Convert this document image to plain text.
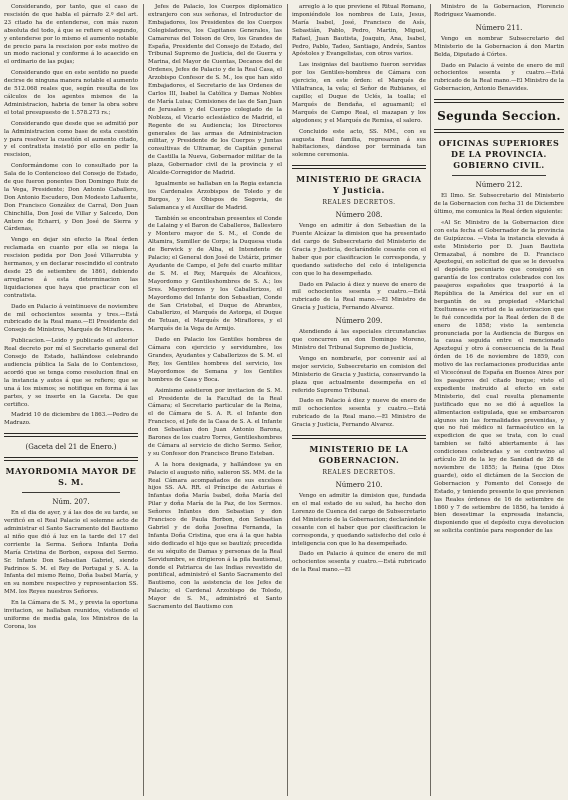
Considerando, por tanto, que el caso de rescisión de que habla el párrafo 2.º del art. 23 citado ha de entenderse, con más razon absoluta del todo, á que se refiere el segundo, y entenderse por lo mismo el aumento notable de precio para la rescision por este motivo de un modo racional y conforme á lo acaecido en el ordinario de las pujas;

Considerando que en este sentido no puede decirse de ninguna manera notable el aumento de 512.068 reales que, según resulta de los cálculos de los agentes mismos de la Administracion, habria de tener la obra sobre el total presupuesto de 1.578.273 rs.;

Considerando que desde que se admitió por la Administracion como base de esta cuestión y para resolver la cuestión el aumento citado, y el contratista insistió por ello en pedir la rescision,

Conformándome con lo consultado por la Sala de lo Contencioso del Consejo de Estado, de que fueron ponentes Don Domingo Ruiz de la Vega, Presidente; Don Antonio Caballero, Don Antonio Escudero, Don Modesto Lafuente, Don Francisco González de Carral, Don Juan Chinchilla, Don José de Villar y Salcedo, Don Antero de Echarri, y Don José de Sierra y Cárdenas,

Vengo en dejar sin efecto la Real órden reclamada en cuanto por ella se niega la rescision pedida por Don José Villarrubia y hermanos, y en declarar rescindido el contrato desde 25 de setiembre de 1861, debiendo arreglarse á esta determinacion las liquidaciones que haya que practicar con el contratista.

Dado en Palacio á veintinueve de noviembre de mil ochocientos sesenta y tres.—Está rubricado de la Real mano.—El Presidente del Consejo de Ministros, Marqués de Miraflores.

Publicacion.—Leido y publicado el anterior Real decreto por mí el Secretario general del Consejo de Estado, hallándose celebrando audiencia pública la Sala de lo Contencioso, acordó que se tenga como resolucion final en la instancia y autos á que se refiere; que se una á los mismos; se notifique en forma á las partes, y se inserte en la Gaceta. De que certifico.

Madrid 10 de diciembre de 1863.—Pedro de Madrazo.

(Gaceta del 21 de Enero.)
MAYORDOMIA MAYOR DE S. M.
Núm. 207.

En el dia de ayer, y á las dos de su tarde, se verificó en el Real Palacio el solemne acto de administrar el Santo Sacramento del Bautismo al niño que dió á luz en la tarde del 17 del corriente la Serma. Señora Infanta Doña María Cristina de Borbon, esposa del Sermo. Sr. Infante Don Sebastian Gabriel, siendo Padrinos S. M. el Rey de Portugal y S. A. la Infanta del mismo Reino, Doña Isabel María, y en su nombre respectivo y representacion SS. MM. los Reyes nuestros Señores.

En la Cámara de S. M., y previa la oportuna invitacion, se hallaban reunidos, vistiendo el uniforme de media gala, los Ministros de la Corona, los

Jefes de Palacio, los Cuerpos diplomático extranjero con sus señoras, el Introductor de Embajadores, los Presidentes de los Cuerpos Colegisladores, los Capitanes Generales, las Camareras del Toison de Oro, los Grandes de España, Presidente del Consejo de Estado, del Tribunal Supremo de Justicia, del de Guerra y Marina, del Mayor de Cuentas, Decanos del de Ordenes, Jefes de Palacio y de la Real Casa, el Arzobispo Confesor de S. M., los que han sido Embajadores, el Secretario de las Ordenes de Carlos III, Isabel la Católica y Damas Nobles de María Luisa; Comisiones de las de San Juan de Jerusalen y del Cuerpo colegiado de la Nobleza, el Vicario eclesiástico de Madrid, el Regente de su Audiencia; los Directores generales de las armas de Administracion militar, y Presidente de los Cuerpos y Juntas consultivas de Ultramar, de Capitán general de Castilla la Nueva, Gobernador militar de la plaza, Gobernador civil de la provincia y el Alcalde-Corregidor de Madrid.

Igualmente se hallaban en la Regia estancia los Cardenales Arzobispos de Toledo y de Burgos, y los Obispos de Segovia, de Salamanca y el Auxiliar de Madrid.

También se encontraban presentes el Conde de Lalaing y el Baron de Caballeros, Ballestero y Montero mayor de S. M., el Conde de Altamira, Sumiller de Corps; la Duquesa viuda de Berwick y de Alba, el Intendente de Palacio; el General don José de Ustáriz, primer Ayudante de Campo, el Jefe del cuarto militar de S. M. el Rey, Marqués de Alcañices, Mayordomo y Gentileshombres de S. A.; los Sres. Mayordomos y los Caballerizos, el Mayordomo del Infante don Sebastian, Conde de San Cristobal, el Duque de Abrantes, Caballerizo, el Marqués de Astorga, el Duque de Tetuan, el Marqués de Miraflores, y el Marqués de la Vega de Armijo.

Dado en Palacio los Gentiles hombres de Cámara con ejercicio y servidumbre, los Grandes, Ayudantes y Caballerizos de S. M. el Rey, los Gentiles hombres del servicio, los Mayordomos de Semana y los Gentiles hombres de Casa y Boca.

Asimismo asistieron por invitacion de S. M. el Presidente de la Facultad de la Real Cámara; el Secretario particular de la Reina, el de Cámara de S. A. R. el Infante don Francisco, el Jefe de la Casa de S. A. el Infante don Sebastian don Juan Antonio Barona, Barones de los cuatro Torres, Gentileshombres de Cámara al servicio de dicho Sermo. Señor, y su Confesor don Francisco Bruno Esteban.

A la hora designada, y hallándose ya en Palacio el augusto niño, salieron SS. MM. de la Real Cámara acompañados de sus excelsos hijos SS. AA. RR. el Príncipe de Asturias é Infantas doña María Isabel, doña María del Pilar y doña María de la Paz, de los Sermos. Señores Infantes don Sebastian y don Francisco de Paula Borbon, don Sebastian Gabriel y de doña Josefina Fernanda, la Infanta Doña Cristina, que era á la que habia sido dedicado el hijo que se bautizó; precedida de su séquito de Damas y personas de la Real Servidumbre, se dirigieron á la pila bautismal, donde el Patriarca de las Indias revestido de pontifical, administró el Santo Sacramento del Bautismo, con la asistencia de los Jefes de Palacio; el Cardenal Arzobispo de Toledo, Mayor de S. M., administró el Santo Sacramento del Bautismo con

arreglo á lo que previene el Ritual Romano, imponiéndole los nombres de Luis, Jesus, María Isabel, José, Francisco de Asís, Sebastián, Pablo, Pedro, Martin, Miguel, Rafael, Juan Bautista, Joaquin, Ana, Isabel, Pedro, Pablo, Tadeo, Santiago, Andrés, Santos Apóstoles y Evangelistas, con otros varios.

Las insignias del bautismo fueron servidas por los Gentiles-hombres de Cámara con ejercicio, en este órden: el Marqués de Villafranca, la vela; el Señor de Rubianes, el capillo; el Duque de Uclés, la toalla; el Marqués de Bendaña, el aguamanil; el Marqués de Campo Real, el mazapan y los algodones; y el Marqués de Remisa, el salero.

Concluido este acto, SS. MM., con su augusta Real familia, regresaron á sus habitaciones, dándose por terminada tan solemne ceremonia.

MINISTERIO DE GRACIA Y Justicia.
REALES DECRETOS.
Número 208.

Vengo en admitir á don Sebastian de la Fuente Alcázar la dimision que ha presentado del cargo de Subsecretario del Ministerio de Gracia y Justicia, declarándole cesante con el haber que por clasificacion le corresponda, y quedando satisfecho del celo é inteligencia con que lo ha desempeñado.

Dado en Palacio á diez y nueve de enero de mil ochocientos sesenta y cuatro.—Está rubricado de la Real mano.—El Ministro de Gracia y Justicia, Fernando Alvarez.

Número 209.

Atendiendo á las especiales circunstancias que concurren en don Domingo Moreno, Ministro del Tribunal Supremo de Justicia,

Vengo en nombrarle, por convenir así al mejor servicio, Subsecretario en comision del Ministerio de Gracia y Justicia, conservando la plaza que actualmente desempeña en el referido Supremo Tribunal.

Dado en Palacio á diez y nueve de enero de mil ochocientos sesenta y cuatro.—Está rubricado de la Real mano.—El Ministro de Gracia y Justicia, Fernando Alvarez.

MINISTERIO DE LA GOBERNACION.
REALES DECRETOS.
Número 210.

Vengo en admitir la dimision que, fundada en el mal estado de su salud, ha hecho don Lorenzo de Cuenca del cargo de Subsecretario del Ministerio de la Gobernacion; declarándole cesante con el haber que por clasificacion le corresponda, y quedando satisfecho del celo é inteligencia con que lo ha desempeñado.

Dado en Palacio á quince de enero de mil ochocientos sesenta y cuatro.—Está rubricado de la Real mano.—El

Ministro de la Gobernacion, Florencio Rodriguez Vaamonde.

Número 211.

Vengo en nombrar Subsecretario del Ministerio de la Gobernacion á don Martin Belda, Diputado á Córtes.

Dado en Palacio á veinte de enero de mil ochocientos sesenta y cuatro.—Está rubricado de la Real mano.—El Ministro de la Gobernacion, Antonio Benavides.

Segunda Seccion.
OFICINAS SUPERIORES DE LA PROVINCIA. GOBIERNO CIVIL.
Número 212.

El Ilmo. Sr. Subsecretario del Ministerio de la Gobernacion con fecha 31 de Diciembre último, me comunica la Real órden siguiente:

«Al Sr. Ministro de la Gobernacion dice con esta fecha el Gobernador de la provincia de Guipúzcoa. —Vista la instancia elevada á este Ministerio por D. Juan Bautista Ormazabal, á nombre de D. Francisco Apezteguí, en solicitud de que se le devuelva el depósito pecuniario que consignó en garantía de los contratos celebrados con los pasajeros españoles que trasportó á la República de la América del sur en el bergantín de su propiedad «Marichal Exeltumea» en virtud de la autorizacion que le fué concedida por la Real órden de 8 de enero de 1858; visto la sentencia pronunciada por la Audiencia de Burgos en la causa seguida entre el mencionado Apezteguí y otro á consecuencia de la Real órden de 16 de noviembre de 1859, con motivo de las reclamaciones producidas ante el Vicecónsul de España en Buenos Aires por los pasajeros del citado buque; visto el expediente instruido al efecto en este Ministerio, del cual resulta plenamente justificado que no se dió á aquellos la alimentacion estipulada, que se embarcaron algunos sin las formalidades prevenidas, y que no fué médico ni farmacéutico en la expedicion de que se trata, con lo cual tambien se faltó abiertamente á las condiciones celebradas y se contravino al artículo 20 de la ley de Sanidad de 28 de noviembre de 1855; la Reina (que Dios guarde), oido el dictámen de la Seccion de Gobernacion y Fomento del Consejo de Estado, y teniendo presente lo que previenen las Reales órdenes de 16 de setiembre de 1860 y 7 de setiembre de 1856, ha tenido á bien desestimar la expresada instancia, disponiendo que el depósito cuya devolucion se solicita continúe para responder de las
